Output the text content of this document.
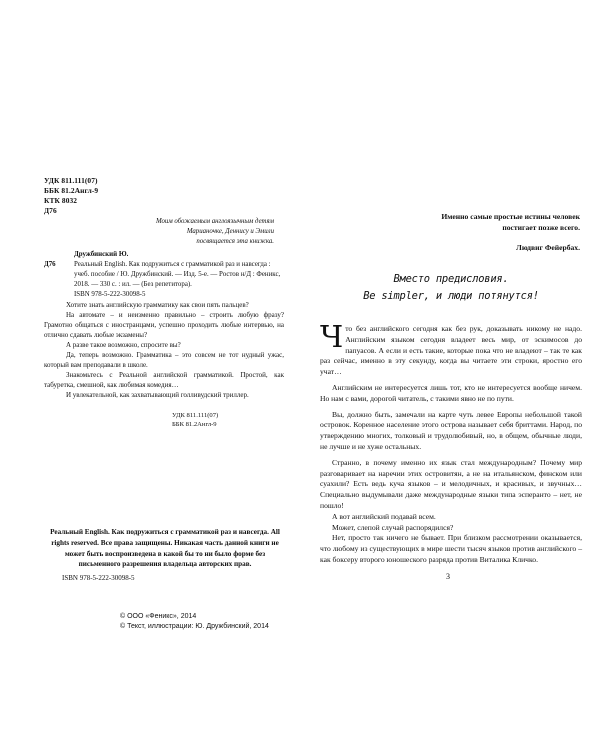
УДК 811.111(07)
ББК 81.2Англ-9
КТК 8032
Д76
Моим обожаемым англоязычным детям
Марианочке, Деннису и Эмили
посвящается эта книжка.
Дружбинский Ю.
Д76	Реальный English. Как подружиться с грамматикой раз и навсегда :
учеб. пособие / Ю. Дружбинский. — Изд. 5-е. — Ростов н/Д : Феникс,
2018. — 330 с. : ил. — (Без репетитора).
ISBN 978-5-222-30098-5

Хотите знать английскую грамматику как свои пять пальцев?

На автомате – и неизменно правильно – строить любую фразу? Грамотно общаться с иностранцами, успешно проходить любые интервью, на отлично сдавать любые экзамены?

А разве такое возможно, спросите вы?

Да, теперь возможно. Грамматика – это совсем не тот нудный ужас, который вам преподавали в школе.

Знакомьтесь с Реальной английской грамматикой. Простой, как табуретка, смешной, как любимая комедия…

И увлекательной, как захватывающий голливудский триллер.

УДК 811.111(07)
ББК 81.2Англ-9
Реальный English. Как подружиться с грамматикой раз и навсегда. All rights reserved. Все права защищены. Никакая часть данной книги не может быть воспроизведена в какой бы то ни было форме без письменного разрешения владельца авторских прав.
ISBN 978-5-222-30098-5
© ООО «Феникс», 2014
© Текст, иллюстрации: Ю. Дружбинский, 2014
Именно самые простые истины человек постигает позже всего.
Людвиг Фейербах.
Вместо предисловия.
Be simpler, и люди потянутся!

Что без английского сегодня как без рук, доказывать никому не надо. Английским языком сегодня владеет весь мир, от эскимосов до папуасов. А если и есть такие, которые пока что не владеют – так те как раз сейчас, именно в эту секунду, когда вы читаете эти строки, яростно его учат…

Английским не интересуется лишь тот, кто не интересуется вообще ничем. Но нам с вами, дорогой читатель, с такими явно не по пути.

Вы, должно быть, замечали на карте чуть левее Европы небольшой такой островок. Коренное население этого острова называет себя бриттами. Народ, по утверждению многих, толковый и трудолюбивый, но, в общем, обычные люди, не лучше и не хуже остальных.

Странно, в почему именно их язык стал международным? Почему мир разговаривает на наречии этих островитян, а не на итальянском, финском или суахили? Есть ведь куча языков – и мелодичных, и красивых, и звучных… Специально выдумывали даже международные языки типа эсперанто – нет, не пошло!

А вот английский подавай всем.

Может, слепой случай распорядился?

Нет, просто так ничего не бывает. При близком рассмотрении оказывается, что любому из существующих в мире шести тысяч языков против английского – как боксеру второго юношеского разряда против Виталика Кличко.

3
